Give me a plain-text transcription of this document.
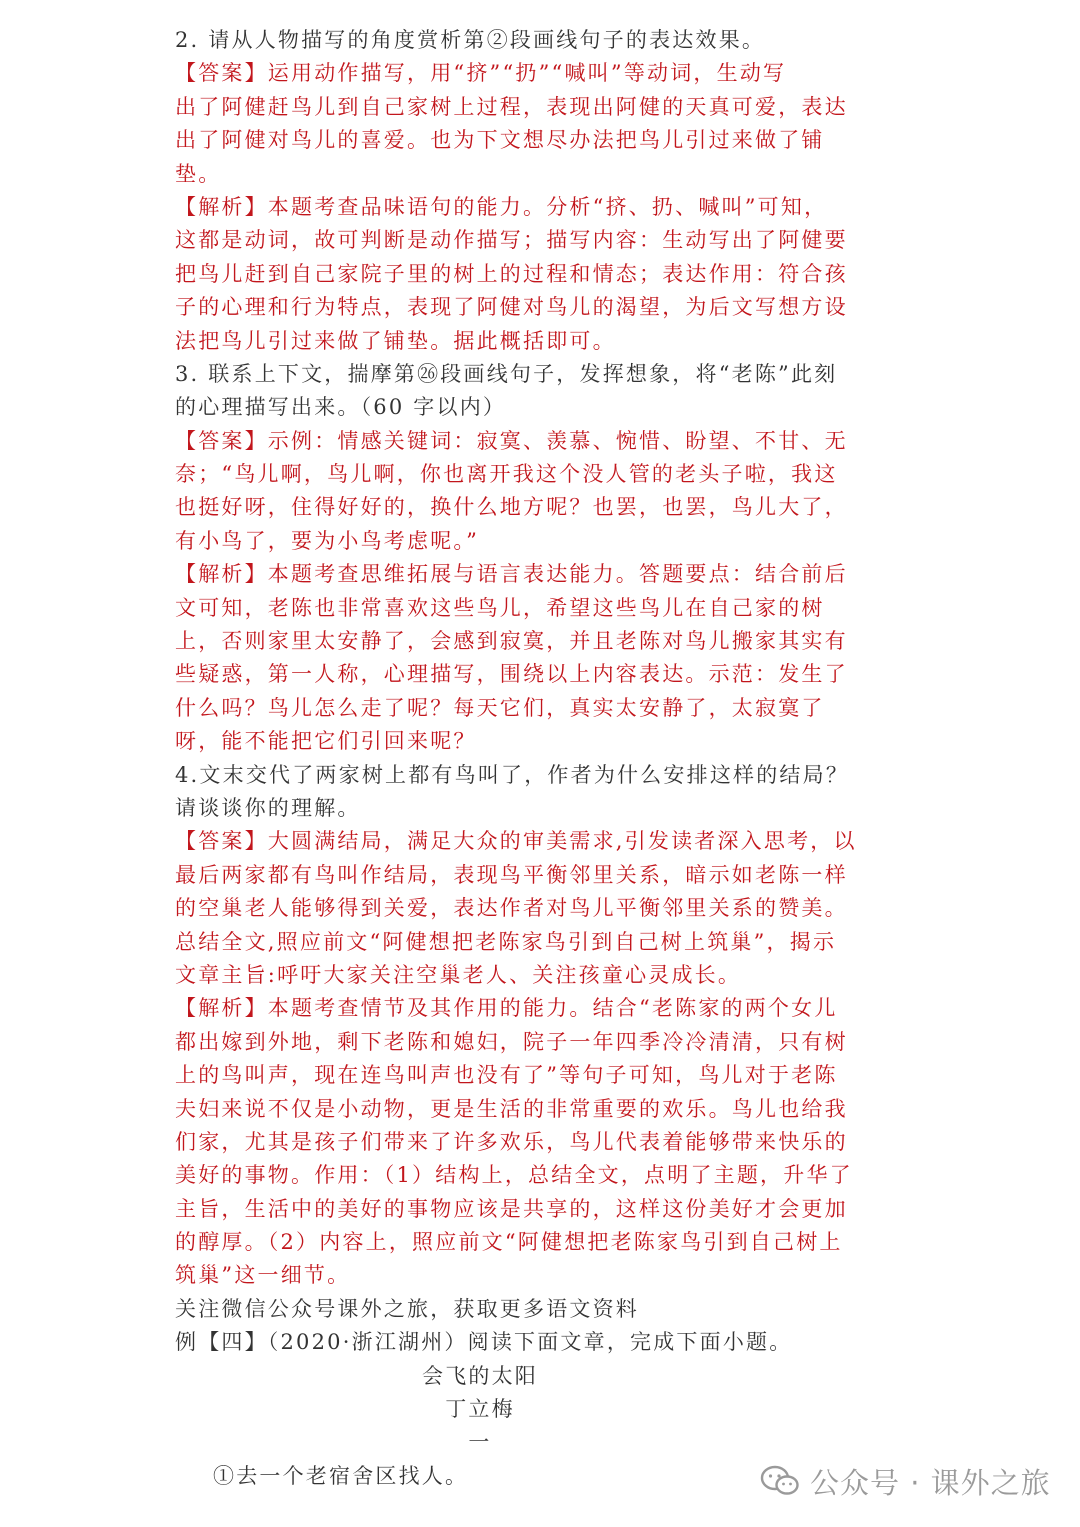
2. 请从人物描写的角度赏析第②段画线句子的表达效果。
【答案】运用动作描写，用“挤”“扔”“喊叫”等动词，生动写
出了阿健赶鸟儿到自己家树上过程，表现出阿健的天真可爱，表达
出了阿健对鸟儿的喜爱。也为下文想尽办法把鸟儿引过来做了铺
垫。
【解析】本题考查品味语句的能力。分析“挤、扔、喊叫”可知，
这都是动词，故可判断是动作描写；描写内容：生动写出了阿健要
把鸟儿赶到自己家院子里的树上的过程和情态；表达作用：符合孩
子的心理和行为特点，表现了阿健对鸟儿的渴望，为后文写想方设
法把鸟儿引过来做了铺垫。据此概括即可。
3. 联系上下文，揣摩第㉖段画线句子，发挥想象，将“老陈”此刻
的心理描写出来。（60 字以内）
【答案】示例：情感关键词：寂寞、羡慕、惋惜、盼望、不甘、无
奈；“鸟儿啊，鸟儿啊，你也离开我这个没人管的老头子啦，我这
也挺好呀，住得好好的，换什么地方呢？也罢，也罢，鸟儿大了，
有小鸟了，要为小鸟考虑呢。”
【解析】本题考查思维拓展与语言表达能力。答题要点：结合前后
文可知，老陈也非常喜欢这些鸟儿，希望这些鸟儿在自己家的树
上，否则家里太安静了，会感到寂寞，并且老陈对鸟儿搬家其实有
些疑惑，第一人称，心理描写，围绕以上内容表达。示范：发生了
什么吗？鸟儿怎么走了呢？每天它们，真实太安静了，太寂寞了
呀，能不能把它们引回来呢？
4.文末交代了两家树上都有鸟叫了，作者为什么安排这样的结局？
请谈谈你的理解。
【答案】大圆满结局，满足大众的审美需求,引发读者深入思考，以
最后两家都有鸟叫作结局，表现鸟平衡邻里关系，暗示如老陈一样
的空巢老人能够得到关爱，表达作者对鸟儿平衡邻里关系的赞美。
总结全文,照应前文“阿健想把老陈家鸟引到自己树上筑巢”，揭示
文章主旨:呼吁大家关注空巢老人、关注孩童心灵成长。
【解析】本题考查情节及其作用的能力。结合“老陈家的两个女儿
都出嫁到外地，剩下老陈和媳妇，院子一年四季冷冷清清，只有树
上的鸟叫声，现在连鸟叫声也没有了”等句子可知，鸟儿对于老陈
夫妇来说不仅是小动物，更是生活的非常重要的欢乐。鸟儿也给我
们家，尤其是孩子们带来了许多欢乐，鸟儿代表着能够带来快乐的
美好的事物。作用：（1）结构上，总结全文，点明了主题，升华了
主旨，生活中的美好的事物应该是共享的，这样这份美好才会更加
的醇厚。（2）内容上，照应前文“阿健想把老陈家鸟引到自己树上
筑巢”这一细节。
关注微信公众号课外之旅，获取更多语文资料
例【四】（2020·浙江湖州）阅读下面文章，完成下面小题。
会飞的太阳
丁立梅
一
①去一个老宿舍区找人。	公众号 · 课外之旅
